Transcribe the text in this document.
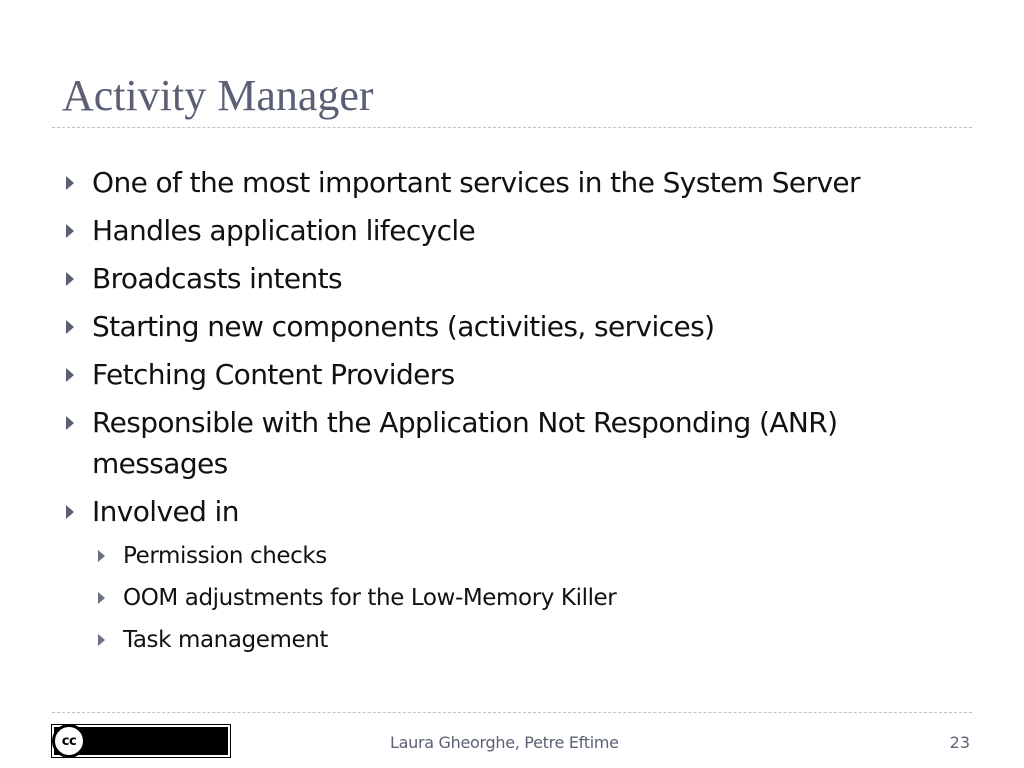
Activity Manager
One of the most important services in the System Server
Handles application lifecycle
Broadcasts intents
Starting new components (activities, services)
Fetching Content Providers
Responsible with the Application Not Responding (ANR) messages
Involved in
Permission checks
OOM adjustments for the Low-Memory Killer
Task management
cc	BY	Laura Gheorghe, Petre Eftime	23
